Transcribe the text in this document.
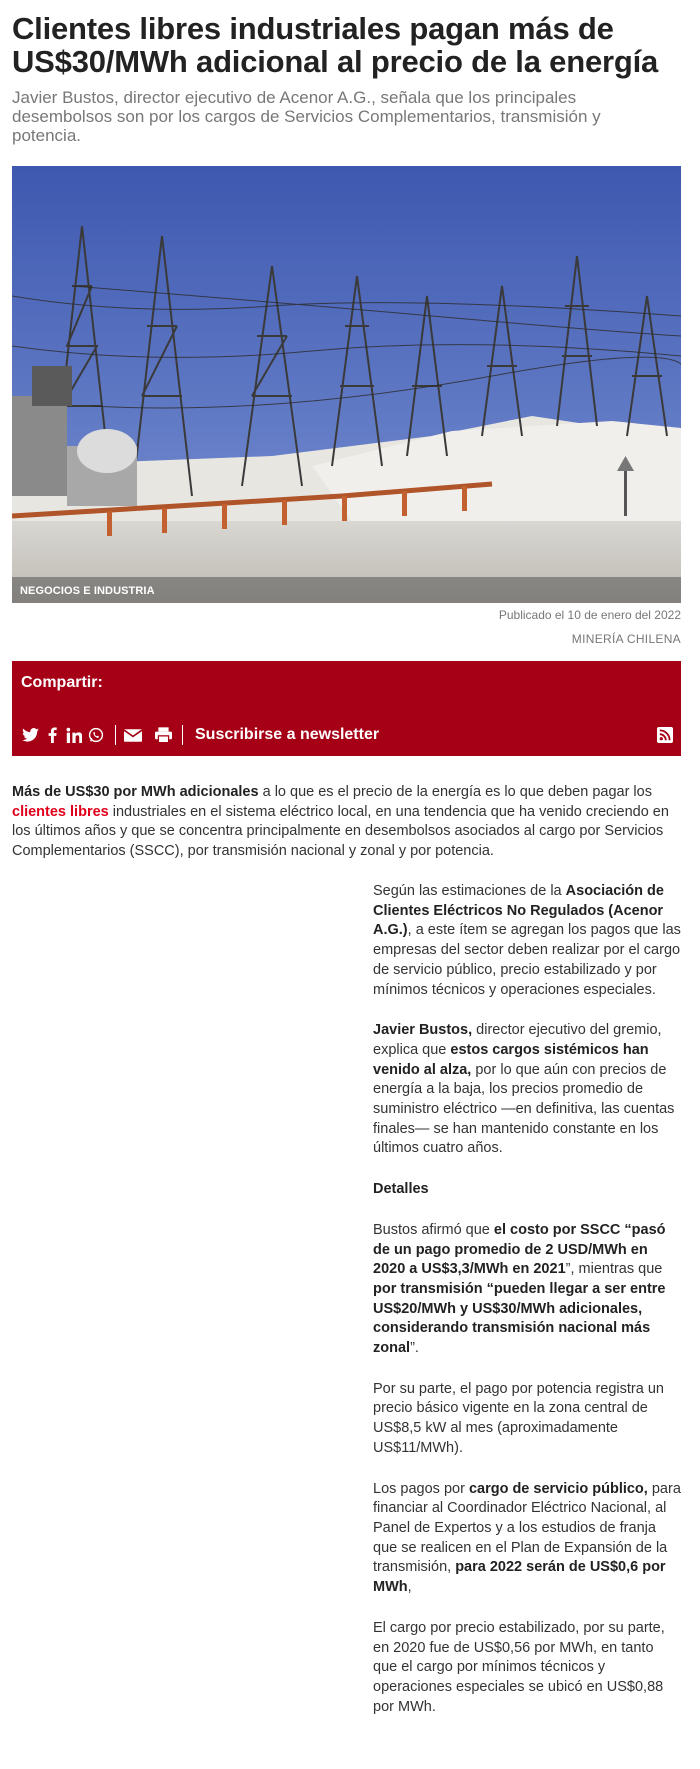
Clientes libres industriales pagan más de US$30/MWh adicional al precio de la energía
Javier Bustos, director ejecutivo de Acenor A.G., señala que los principales desembolsos son por los cargos de Servicios Complementarios, transmisión y potencia.
NEGOCIOS E INDUSTRIA
Publicado el 10 de enero del 2022
MINERÍA CHILENA
Compartir:
Suscribirse a newsletter
Más de US$30 por MWh adicionales a lo que es el precio de la energía es lo que deben pagar los clientes libres industriales en el sistema eléctrico local, en una tendencia que ha venido creciendo en los últimos años y que se concentra principalmente en desembolsos asociados al cargo por Servicios Complementarios (SSCC), por transmisión nacional y zonal y por potencia.

Según las estimaciones de la Asociación de Clientes Eléctricos No Regulados (Acenor A.G.), a este ítem se agregan los pagos que las empresas del sector deben realizar por el cargo de servicio público, precio estabilizado y por mínimos técnicos y operaciones especiales.

Javier Bustos, director ejecutivo del gremio, explica que estos cargos sistémicos han venido al alza, por lo que aún con precios de energía a la baja, los precios promedio de suministro eléctrico —en definitiva, las cuentas finales— se han mantenido constante en los últimos cuatro años.

Detalles

Bustos afirmó que el costo por SSCC “pasó de un pago promedio de 2 USD/MWh en 2020 a US$3,3/MWh en 2021”, mientras que por transmisión “pueden llegar a ser entre US$20/MWh y US$30/MWh adicionales, considerando transmisión nacional más zonal”.

Por su parte, el pago por potencia registra un precio básico vigente en la zona central de US$8,5 kW al mes (aproximadamente US$11/MWh).

Los pagos por cargo de servicio público, para financiar al Coordinador Eléctrico Nacional, al Panel de Expertos y a los estudios de franja que se realicen en el Plan de Expansión de la transmisión, para 2022 serán de US$0,6 por MWh,

El cargo por precio estabilizado, por su parte, en 2020 fue de US$0,56 por MWh, en tanto que el cargo por mínimos técnicos y operaciones especiales se ubicó en US$0,88 por MWh.
